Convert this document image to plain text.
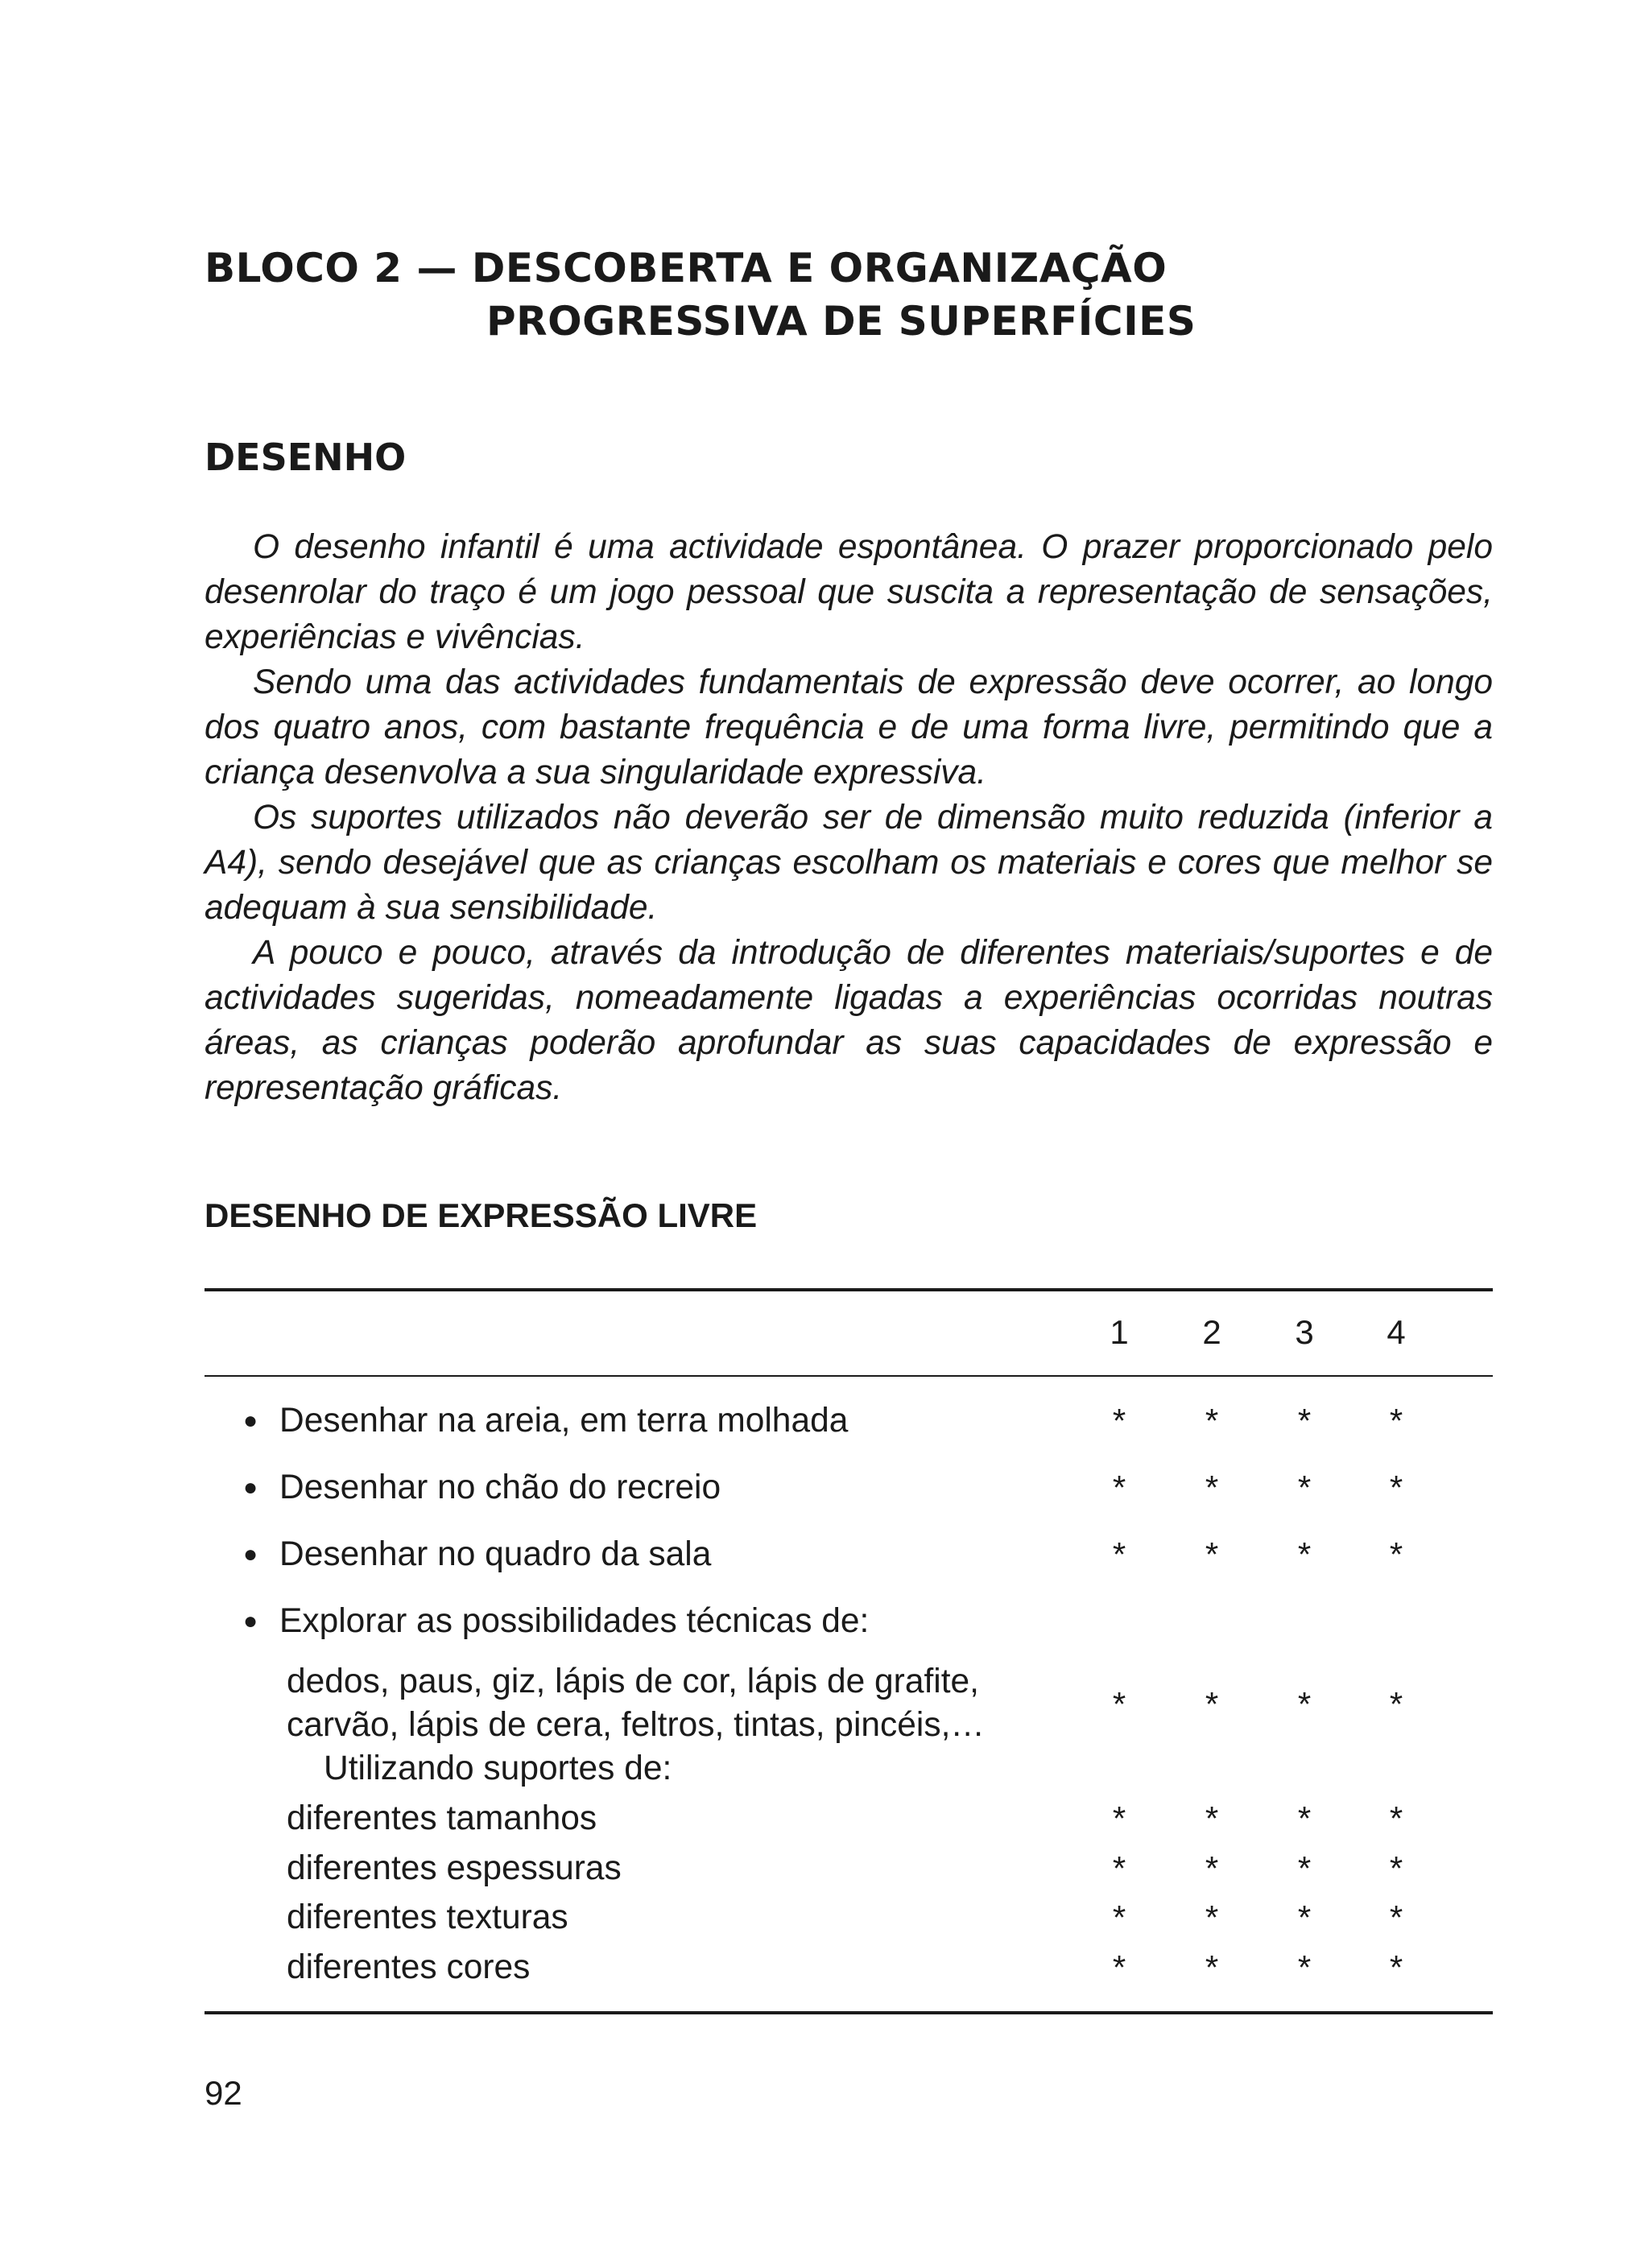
BLOCO 2 — DESCOBERTA E ORGANIZAÇÃO
PROGRESSIVA DE SUPERFÍCIES
DESENHO

O desenho infantil é uma actividade espontânea. O prazer proporcionado pelo desenrolar do traço é um jogo pessoal que suscita a representação de sensações, experiências e vivências.

Sendo uma das actividades fundamentais de expressão deve ocorrer, ao longo dos quatro anos, com bastante frequência e de uma forma livre, permitindo que a criança desenvolva a sua singularidade expressiva.

Os suportes utilizados não deverão ser de dimensão muito reduzida (inferior a A4), sendo desejável que as crianças escolham os materiais e cores que melhor se adequam à sua sensibilidade.

A pouco e pouco, através da introdução de diferentes materiais/suportes e de actividades sugeridas, nomeadamente ligadas a experiências ocorridas noutras áreas, as crianças poderão aprofundar as suas capacidades de expressão e representação gráficas.

DESENHO DE EXPRESSÃO LIVRE
1	2	3	4
● Desenhar na areia, em terra molhada	*	*	*	*
● Desenhar no chão do recreio	*	*	*	*
● Desenhar no quadro da sala	*	*	*	*
● Explorar as possibilidades técnicas de:
dedos, paus, giz, lápis de cor, lápis de grafite,
carvão, lápis de cera, feltros, tintas, pincéis,…
*	*	*	*
Utilizando suportes de:
diferentes tamanhos	*	*	*	*
diferentes espessuras	*	*	*	*
diferentes texturas	*	*	*	*
diferentes cores	*	*	*	*
92
